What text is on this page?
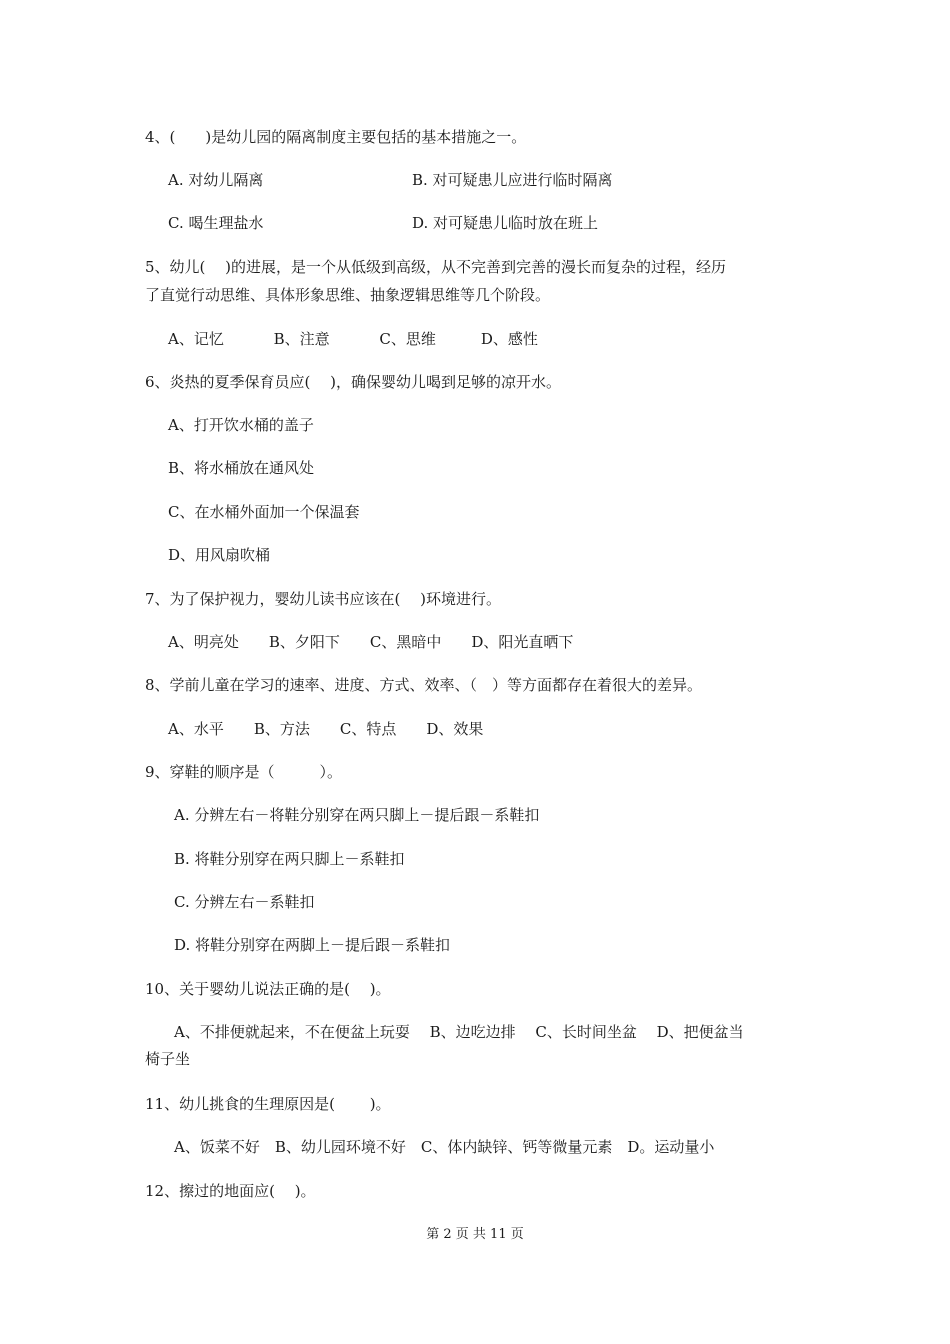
4、(　　)是幼儿园的隔离制度主要包括的基本措施之一。
A. 对幼儿隔离	B. 对可疑患儿应进行临时隔离
C. 喝生理盐水	D. 对可疑患儿临时放在班上
5、幼儿(　 )的进展，是一个从低级到高级，从不完善到完善的漫长而复杂的过程，经历
了直觉行动思维、具体形象思维、抽象逻辑思维等几个阶段。
A、记忆　　　 B、注意　　　 C、思维　　　D、感性
6、炎热的夏季保育员应(　 )，确保婴幼儿喝到足够的凉开水。
A、打开饮水桶的盖子
B、将水桶放在通风处
C、在水桶外面加一个保温套
D、用风扇吹桶
7、为了保护视力，婴幼儿读书应该在(　 )环境进行。
A、明亮处　　B、夕阳下　　C、黑暗中　　D、阳光直晒下
8、学前儿童在学习的速率、进度、方式、效率、（　）等方面都存在着很大的差异。
A、水平　　B、方法　　C、特点　　D、效果
9、穿鞋的顺序是（　　　）。
A. 分辨左右－将鞋分别穿在两只脚上－提后跟－系鞋扣
B. 将鞋分别穿在两只脚上－系鞋扣
C. 分辨左右－系鞋扣
D. 将鞋分别穿在两脚上－提后跟－系鞋扣
10、关于婴幼儿说法正确的是(　 )。
A、不排便就起来，不在便盆上玩耍　 B、边吃边排　 C、长时间坐盆　 D、把便盆当
椅子坐
11、幼儿挑食的生理原因是(　　 )。
A、饭菜不好　B、幼儿园环境不好　C、体内缺锌、钙等微量元素　D。运动量小
12、擦过的地面应(　 )。
第 2 页 共 11 页
